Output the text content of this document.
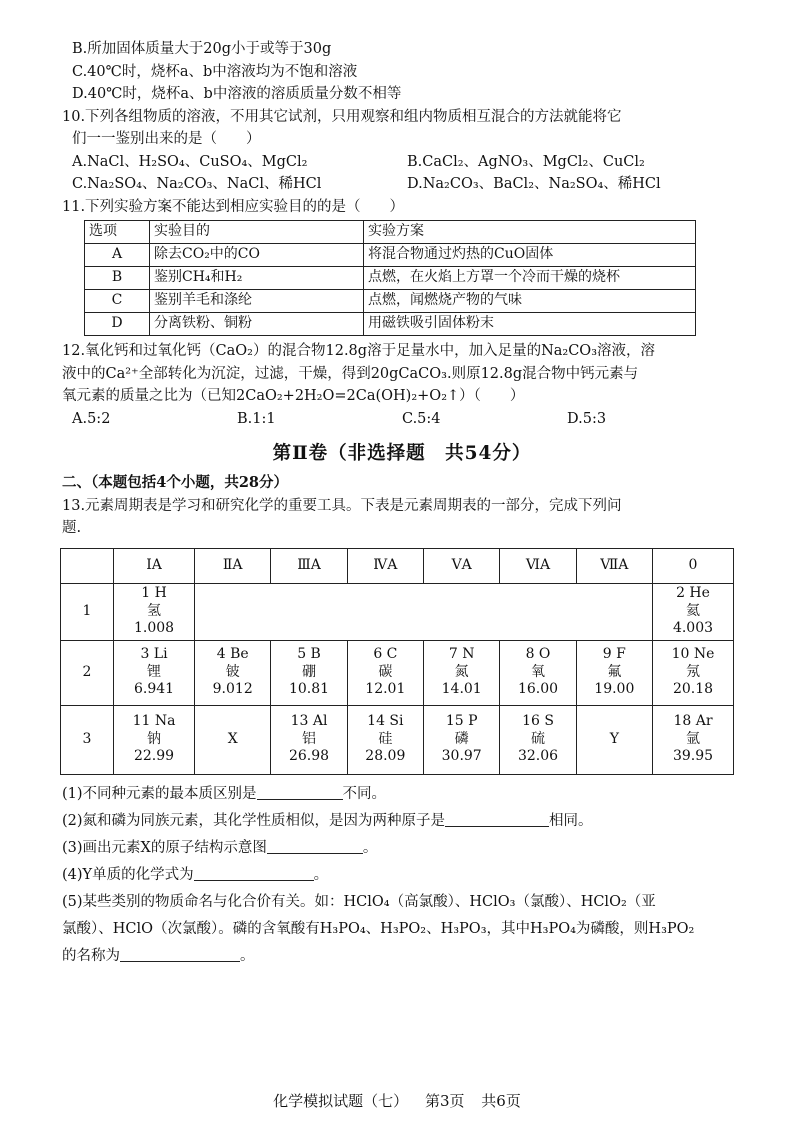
B.所加固体质量大于20g小于或等于30g

C.40℃时，烧杯a、b中溶液均为不饱和溶液

D.40℃时，烧杯a、b中溶液的溶质质量分数不相等

10.下列各组物质的溶液，不用其它试剂，只用观察和组内物质相互混合的方法就能将它

们一一鉴别出来的是（　　）

A.NaCl、H₂SO₄、CuSO₄、MgCl₂	B.CaCl₂、AgNO₃、MgCl₂、CuCl₂
C.Na₂SO₄、Na₂CO₃、NaCl、稀HCl	D.Na₂CO₃、BaCl₂、Na₂SO₄、稀HCl

11.下列实验方案不能达到相应实验目的的是（　　）

选项	实验目的	实验方案
A	除去CO₂中的CO	将混合物通过灼热的CuO固体
B	鉴别CH₄和H₂	点燃，在火焰上方罩一个冷而干燥的烧杯
C	鉴别羊毛和涤纶	点燃，闻燃烧产物的气味
D	分离铁粉、铜粉	用磁铁吸引固体粉末

12.氧化钙和过氧化钙（CaO₂）的混合物12.8g溶于足量水中，加入足量的Na₂CO₃溶液，溶

液中的Ca²⁺全部转化为沉淀，过滤，干燥，得到20gCaCO₃.则原12.8g混合物中钙元素与

氧元素的质量之比为（已知2CaO₂+2H₂O=2Ca(OH)₂+O₂↑）（　　）

A.5:2	B.1:1	C.5:4	D.5:3
第Ⅱ卷（非选择题　共54分）

二、（本题包括4个小题，共28分）

13.元素周期表是学习和研究化学的重要工具。下表是元素周期表的一部分，完成下列问

题.

	ⅠA	ⅡA	ⅢA	ⅣA	ⅤA	ⅥA	ⅦA	0
1	1 H
氢
1.008							2 He
氦
4.003

2	3 Li
锂
6.941	4 Be
铍
9.012	5 B
硼
10.81	6 C
碳
12.01	7 N
氮
14.01	8 O
氧
16.00	9 F
氟
19.00	10 Ne
氖
20.18

3	11 Na
钠
22.99	X	13 Al
铝
26.98	14 Si
硅
28.09	15 P
磷
30.97	16 S
硫
32.06	Y	18 Ar
氩
39.95

(1)不同种元素的最本质区别是	不同。

(2)氮和磷为同族元素，其化学性质相似，是因为两种原子是	相同。

(3)画出元素X的原子结构示意图	。

(4)Y单质的化学式为	。

(5)某些类别的物质命名与化合价有关。如：HClO₄（高氯酸）、HClO₃（氯酸）、HClO₂（亚

氯酸）、HClO（次氯酸）。磷的含氧酸有H₃PO₄、H₃PO₂、H₃PO₃，其中H₃PO₄为磷酸，则H₃PO₂

的名称为	。

化学模拟试题（七） 第3页 共6页
